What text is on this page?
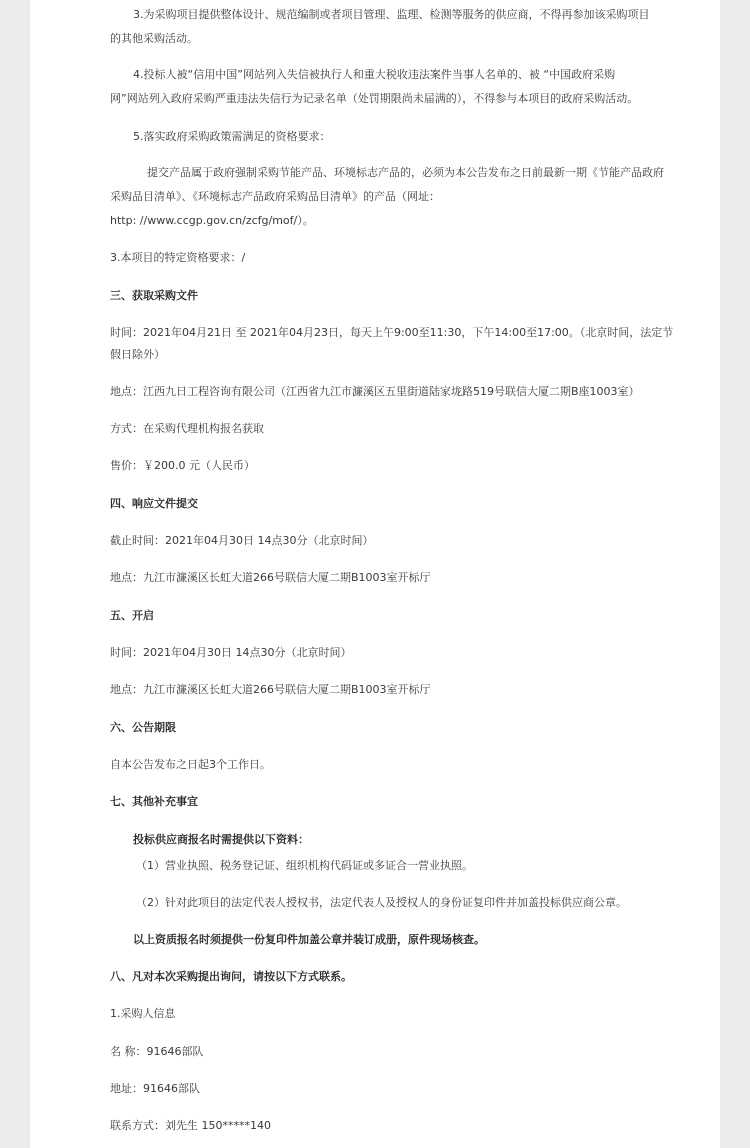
3.为采购项目提供整体设计、规范编制或者项目管理、监理、检测等服务的供应商，不得再参加该采购项目
的其他采购活动。
4.投标人被“信用中国”网站列入失信被执行人和重大税收违法案件当事人名单的、被 “中国政府采购
网”网站列入政府采购严重违法失信行为记录名单（处罚期限尚未届满的），不得参与本项目的政府采购活动。
5.落实政府采购政策需满足的资格要求：
提交产品属于政府强制采购节能产品、环境标志产品的，必须为本公告发布之日前最新一期《节能产品政府
采购品目清单》、《环境标志产品政府采购品目清单》的产品（网址：
http: //www.ccgp.gov.cn/zcfg/mof/）。
3.本项目的特定资格要求：/
三、获取采购文件
时间：2021年04月21日 至 2021年04月23日，每天上午9:00至11:30，下午14:00至17:00。（北京时间，法定节
假日除外）
地点：江西九日工程咨询有限公司（江西省九江市濂溪区五里街道陆家垅路519号联信大厦二期B座1003室）
方式：在采购代理机构报名获取
售价：￥200.0 元（人民币）
四、响应文件提交
截止时间：2021年04月30日 14点30分（北京时间）
地点：九江市濂溪区长虹大道266号联信大厦二期B1003室开标厅
五、开启
时间：2021年04月30日 14点30分（北京时间）
地点：九江市濂溪区长虹大道266号联信大厦二期B1003室开标厅
六、公告期限
自本公告发布之日起3个工作日。
七、其他补充事宜
投标供应商报名时需提供以下资料：
（1）营业执照、税务登记证、组织机构代码证或多证合一营业执照。
（2）针对此项目的法定代表人授权书，法定代表人及授权人的身份证复印件并加盖投标供应商公章。
以上资质报名时须提供一份复印件加盖公章并装订成册，原件现场核查。
八、凡对本次采购提出询问，请按以下方式联系。
1.采购人信息
名 称：91646部队
地址：91646部队
联系方式：刘先生 150*****140
